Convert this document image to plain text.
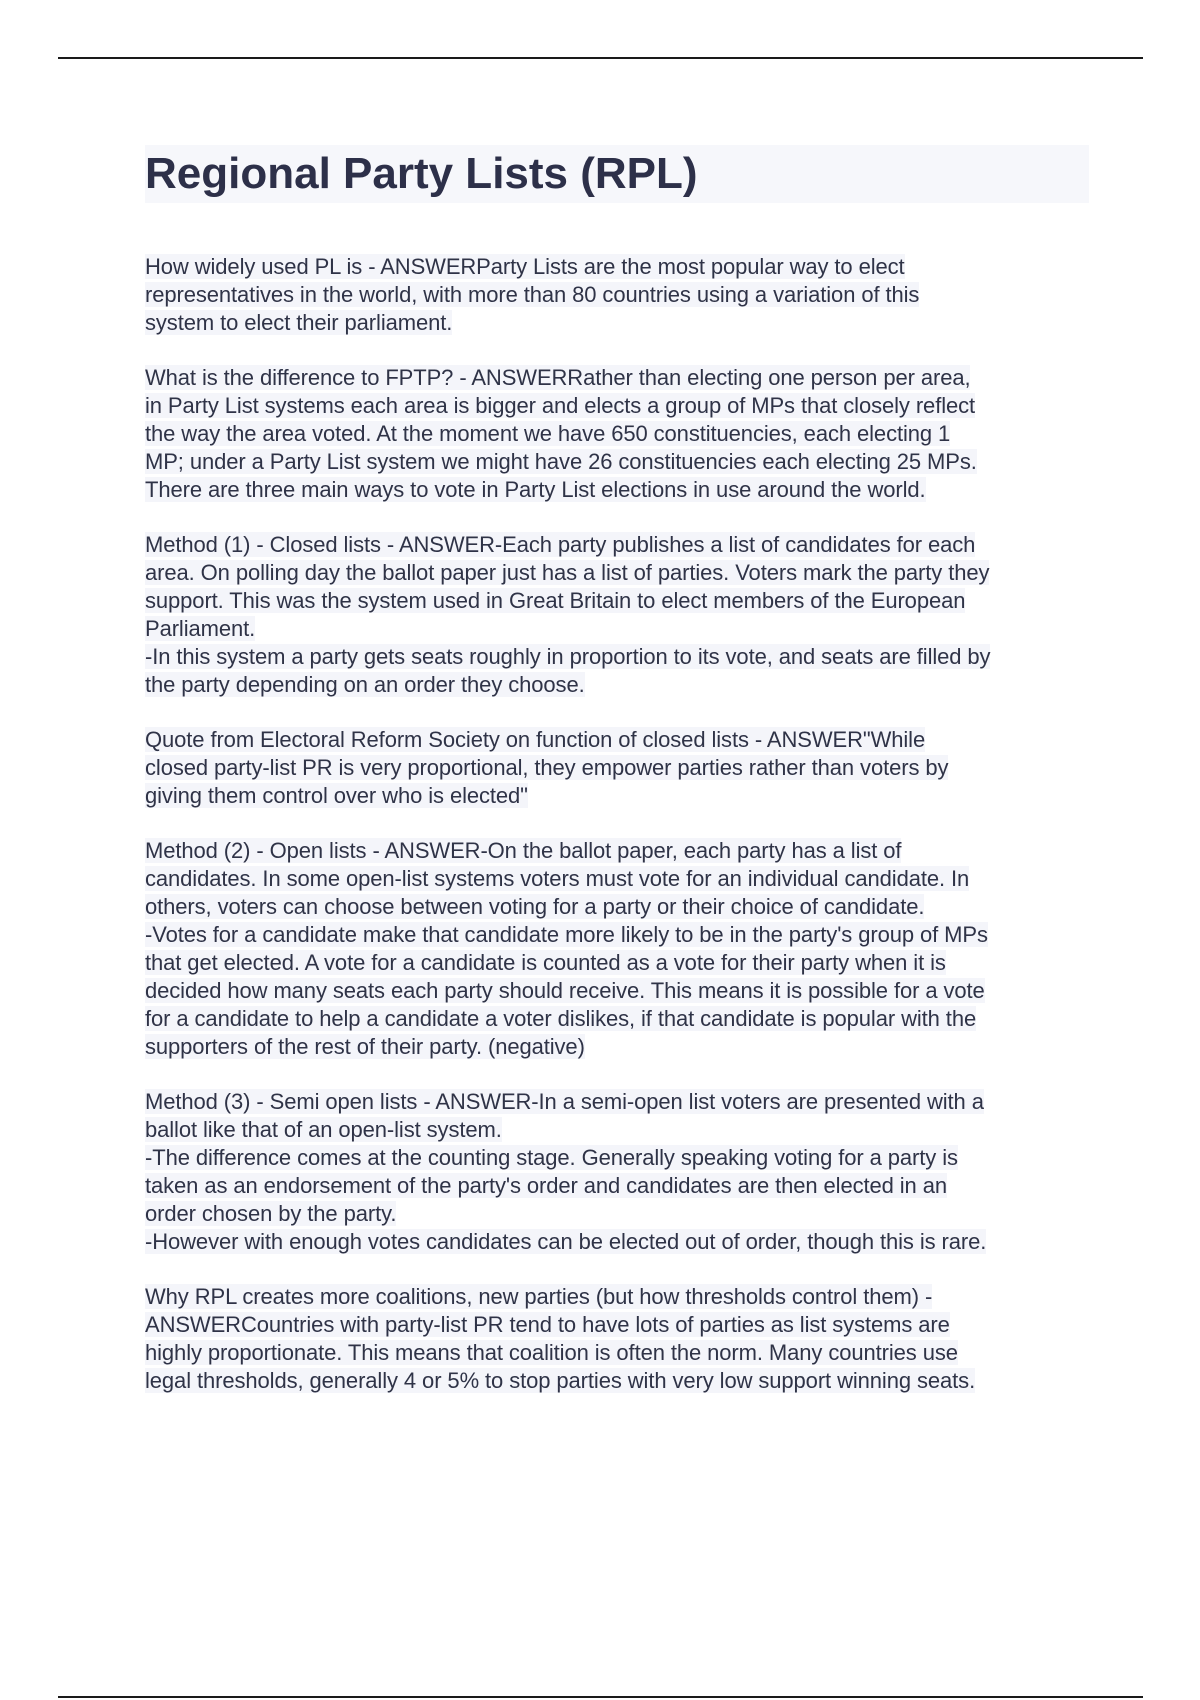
Regional Party Lists (RPL)

How widely used PL is - ANSWERParty Lists are the most popular way to elect
representatives in the world, with more than 80 countries using a variation of this
system to elect their parliament.

What is the difference to FPTP? - ANSWERRather than electing one person per area,
in Party List systems each area is bigger and elects a group of MPs that closely reflect
the way the area voted. At the moment we have 650 constituencies, each electing 1
MP; under a Party List system we might have 26 constituencies each electing 25 MPs.
There are three main ways to vote in Party List elections in use around the world.

Method (1) - Closed lists - ANSWER-Each party publishes a list of candidates for each
area. On polling day the ballot paper just has a list of parties. Voters mark the party they
support. This was the system used in Great Britain to elect members of the European
Parliament.
-In this system a party gets seats roughly in proportion to its vote, and seats are filled by
the party depending on an order they choose.

Quote from Electoral Reform Society on function of closed lists - ANSWER"While
closed party-list PR is very proportional, they empower parties rather than voters by
giving them control over who is elected"

Method (2) - Open lists - ANSWER-On the ballot paper, each party has a list of
candidates. In some open-list systems voters must vote for an individual candidate. In
others, voters can choose between voting for a party or their choice of candidate.
-Votes for a candidate make that candidate more likely to be in the party's group of MPs
that get elected. A vote for a candidate is counted as a vote for their party when it is
decided how many seats each party should receive. This means it is possible for a vote
for a candidate to help a candidate a voter dislikes, if that candidate is popular with the
supporters of the rest of their party. (negative)

Method (3) - Semi open lists - ANSWER-In a semi-open list voters are presented with a
ballot like that of an open-list system.
-The difference comes at the counting stage. Generally speaking voting for a party is
taken as an endorsement of the party's order and candidates are then elected in an
order chosen by the party.
-However with enough votes candidates can be elected out of order, though this is rare.

Why RPL creates more coalitions, new parties (but how thresholds control them) -
ANSWERCountries with party-list PR tend to have lots of parties as list systems are
highly proportionate. This means that coalition is often the norm. Many countries use
legal thresholds, generally 4 or 5% to stop parties with very low support winning seats.
